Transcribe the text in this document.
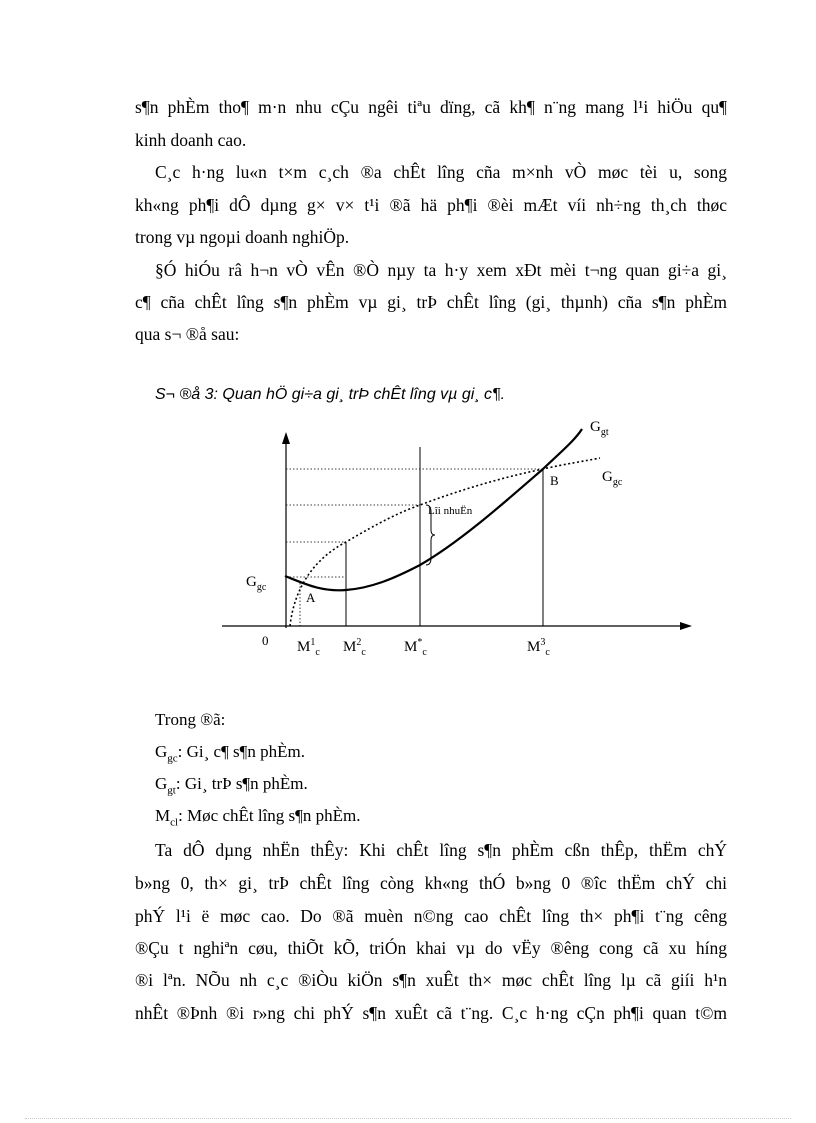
s¶n phÈm tho¶ m·n nhu cÇu ngêi tiªu dïng, cã kh¶ n¨ng mang l¹i hiÖu qu¶
kinh doanh cao.
C¸c h·ng lu«n t×m c¸ch ®a chÊt lîng cña m×nh vÒ møc tèi u, song
kh«ng ph¶i dÔ dµng g× v× t¹i ®ã hä ph¶i ®èi mÆt víi nh÷ng th¸ch thøc
trong vµ ngoµi doanh nghiÖp.
§Ó hiÓu râ h¬n vÒ vÊn ®Ò nµy ta h·y xem xÐt mèi t¬ng quan gi÷a gi¸
c¶ cña chÊt lîng s¶n phÈm vµ gi¸ trÞ chÊt lîng (gi¸ thµnh) cña s¶n phÈm
qua s¬ ®å sau:
S¬ ®å 3: Quan hÖ gi÷a gi¸ trÞ chÊt lîng vµ gi¸ c¶.
$G_{gt}$
$G_{gc}$
$G_{gc}$
B
A
Lîi nhuËn
0 $M^1_c$ $M^2_c$	$M^*_c$	$M^3_c$
Trong ®ã:
$G_{gc}$: Gi¸ c¶ s¶n phÈm.
$G_{gt}$: Gi¸ trÞ s¶n phÈm.
$M_{cl}$: Møc chÊt lîng s¶n phÈm.
Ta dÔ dµng nhËn thÊy: Khi chÊt lîng s¶n phÈm cßn thÊp, thËm chÝ
b»ng 0, th× gi¸ trÞ chÊt lîng còng kh«ng thÓ b»ng 0 ®îc thËm chÝ chi
phÝ l¹i ë møc cao. Do ®ã muèn n©ng cao chÊt lîng th× ph¶i t¨ng cêng
®Çu t nghiªn cøu, thiÕt kÕ, triÓn khai vµ do vËy ®êng cong cã xu híng
®i lªn. NÕu nh c¸c ®iÒu kiÖn s¶n xuÊt th× møc chÊt lîng lµ cã giíi h¹n
nhÊt ®Þnh ®i r»ng chi phÝ s¶n xuÊt cã t¨ng. C¸c h·ng cÇn ph¶i quan t©m
